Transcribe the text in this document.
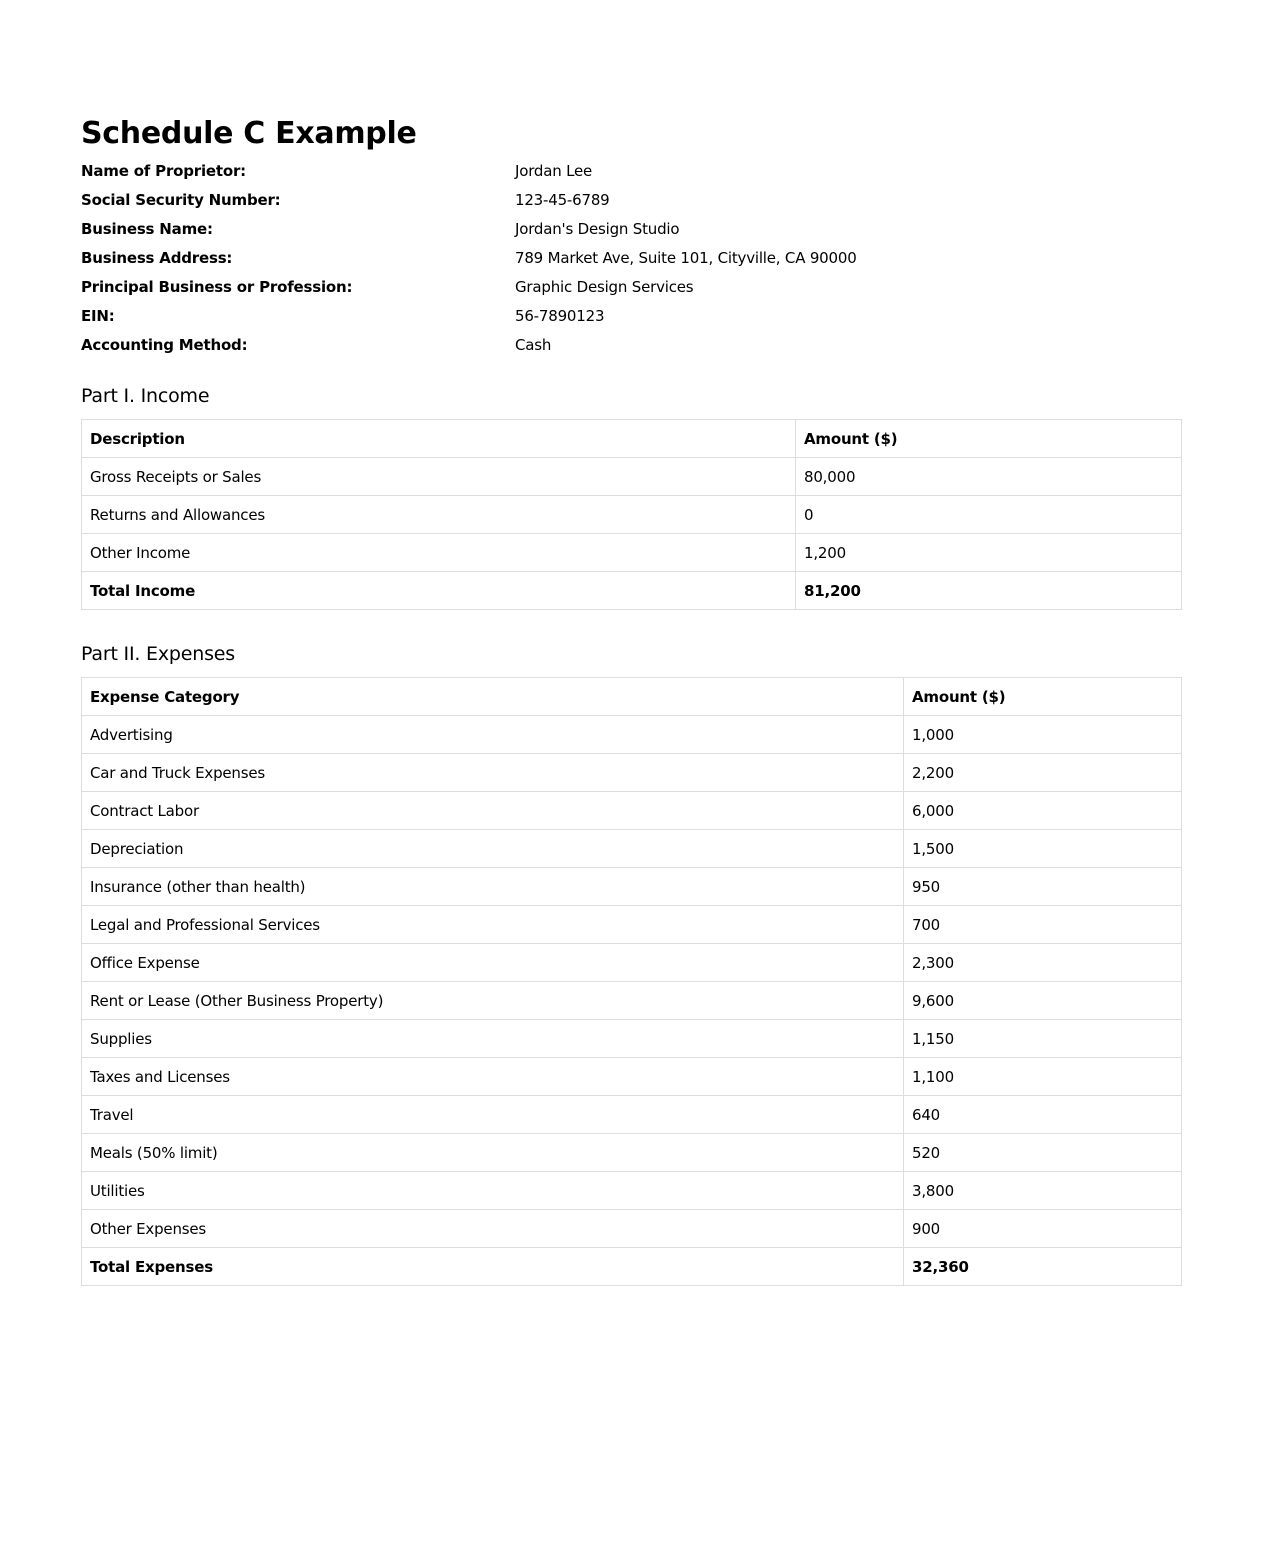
Schedule C Example
Name of Proprietor:	Jordan Lee
Social Security Number:	123-45-6789
Business Name:	Jordan's Design Studio
Business Address:	789 Market Ave, Suite 101, Cityville, CA 90000
Principal Business or Profession:	Graphic Design Services
EIN:	56-7890123
Accounting Method:	Cash
Part I. Income
Description	Amount ($)
Gross Receipts or Sales	80,000
Returns and Allowances	0
Other Income	1,200
Total Income	81,200
Part II. Expenses
Expense Category	Amount ($)
Advertising	1,000
Car and Truck Expenses	2,200
Contract Labor	6,000
Depreciation	1,500
Insurance (other than health)	950
Legal and Professional Services	700
Office Expense	2,300
Rent or Lease (Other Business Property)	9,600
Supplies	1,150
Taxes and Licenses	1,100
Travel	640
Meals (50% limit)	520
Utilities	3,800
Other Expenses	900
Total Expenses	32,360
